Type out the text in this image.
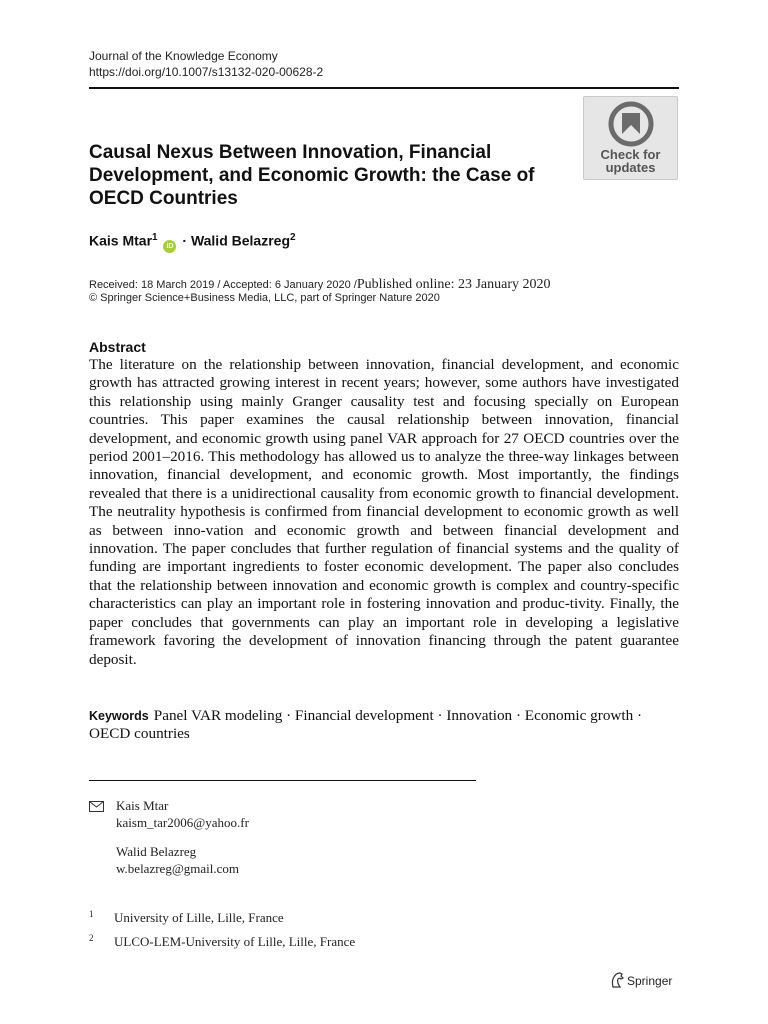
Journal of the Knowledge Economy
https://doi.org/10.1007/s13132-020-00628-2
Check for
updates
Causal Nexus Between Innovation, Financial Development, and Economic Growth: the Case of OECD Countries
Kais Mtar$^1$ iD · Walid Belazreg$^2$
Received: 18 March 2019 / Accepted: 6 January 2020 /Published online: 23 January 2020
© Springer Science+Business Media, LLC, part of Springer Nature 2020
Abstract
The literature on the relationship between innovation, financial development, and economic growth has attracted growing interest in recent years; however, some authors have investigated this relationship using mainly Granger causality test and focusing specially on European countries. This paper examines the causal relationship between innovation, financial development, and economic growth using panel VAR approach for 27 OECD countries over the period 2001–2016. This methodology has allowed us to analyze the three-way linkages between innovation, financial development, and economic growth. Most importantly, the findings revealed that there is a unidirectional causality from economic growth to financial development. The neutrality hypothesis is confirmed from financial development to economic growth as well as between inno-vation and economic growth and between financial development and innovation. The paper concludes that further regulation of financial systems and the quality of funding are important ingredients to foster economic development. The paper also concludes that the relationship between innovation and economic growth is complex and country-specific characteristics can play an important role in fostering innovation and produc-tivity. Finally, the paper concludes that governments can play an important role in developing a legislative framework favoring the development of innovation financing through the patent guarantee deposit.
Keywords Panel VAR modeling · Financial development · Innovation · Economic growth · OECD countries
Kais Mtar
kaism_tar2006@yahoo.fr
Walid Belazreg
w.belazreg@gmail.com
$^1$ University of Lille, Lille, France
$^2$ ULCO-LEM-University of Lille, Lille, France
Springer
